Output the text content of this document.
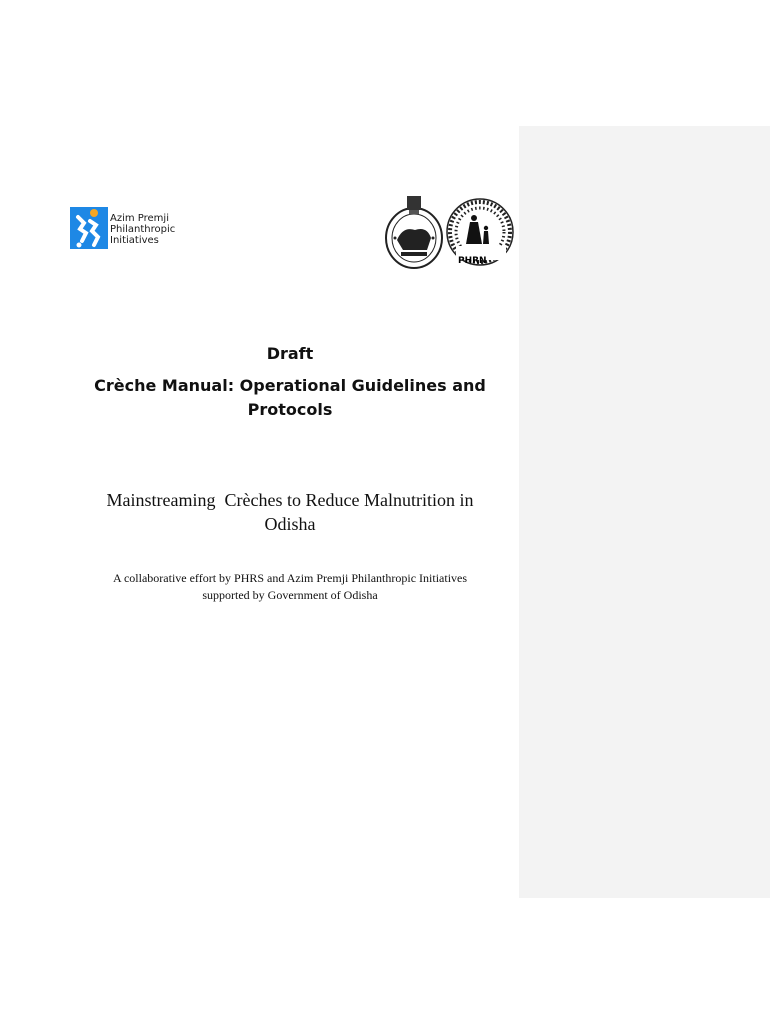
Azim Premji
Philanthropic
Initiatives
PHRN
Draft
Crèche Manual: Operational Guidelines and
Protocols
Mainstreaming  Crèches to Reduce Malnutrition in
Odisha
A collaborative effort by PHRS and Azim Premji Philanthropic Initiatives
supported by Government of Odisha
